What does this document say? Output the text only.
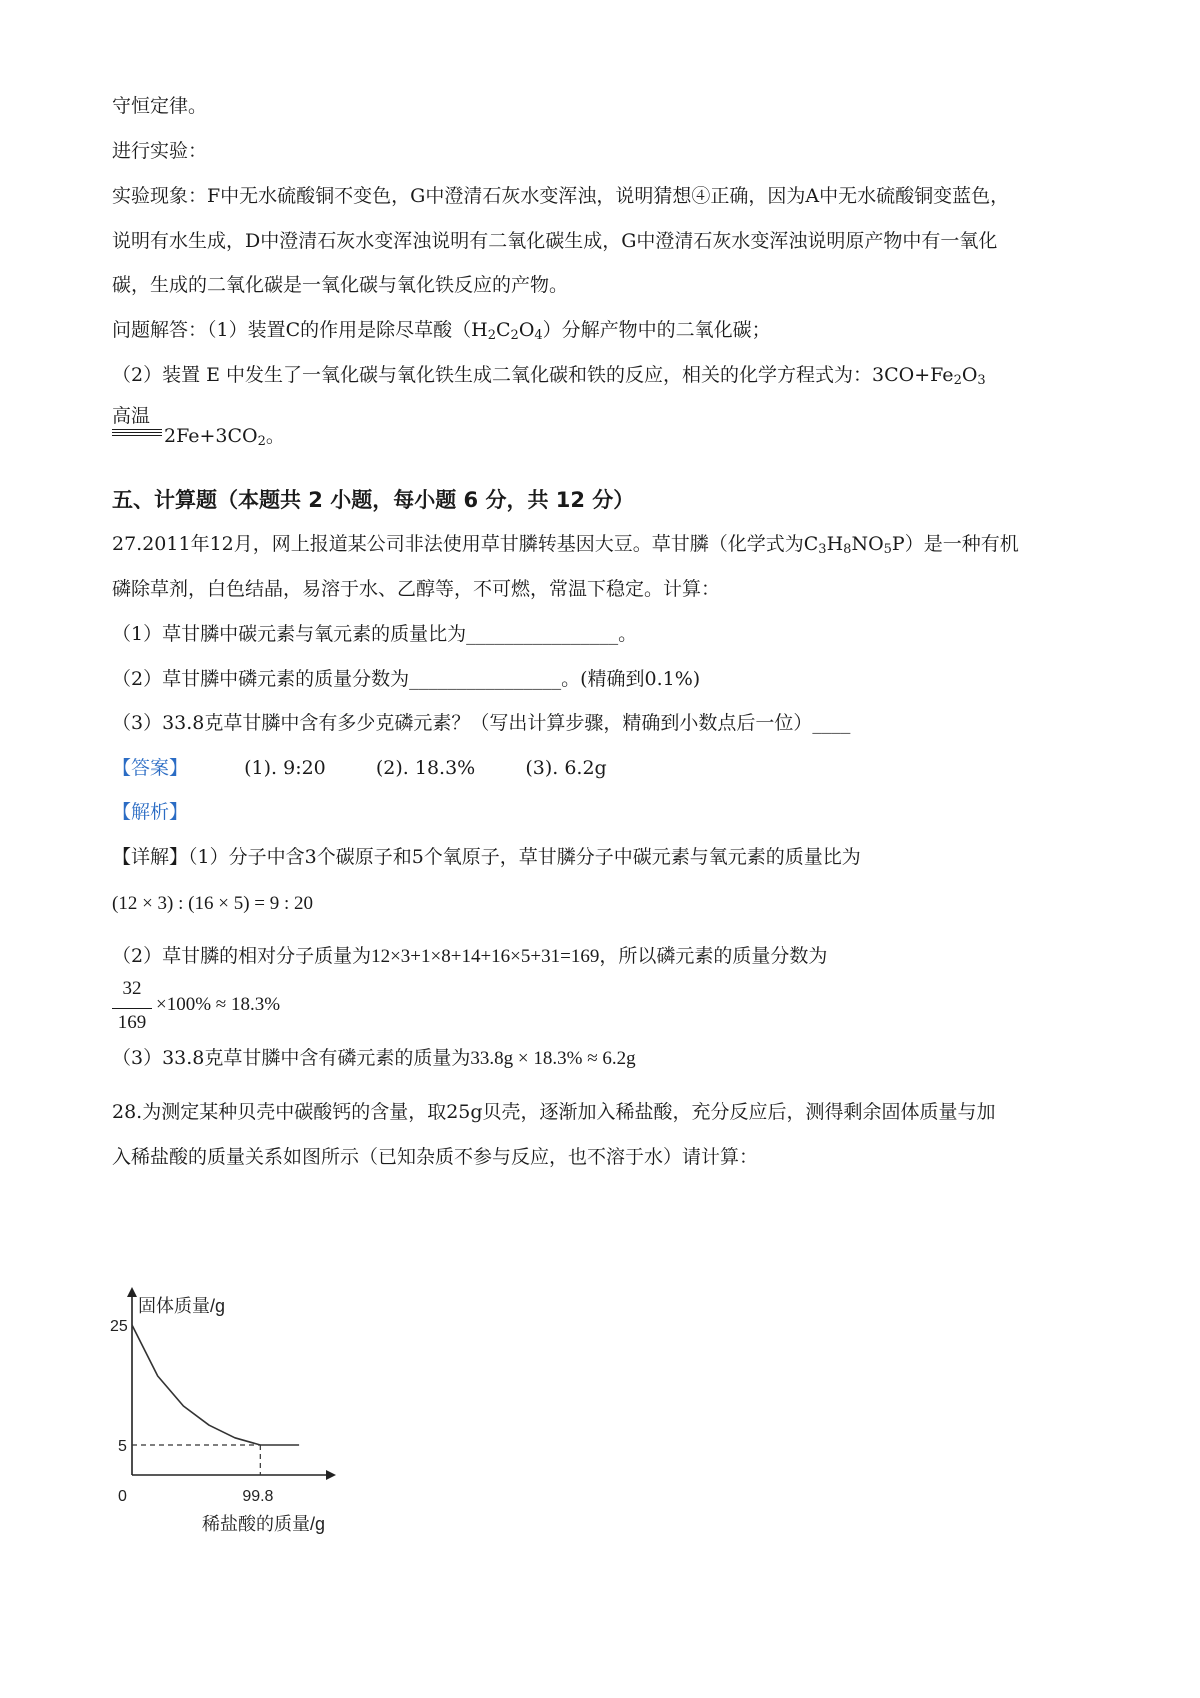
守恒定律。
进行实验：
实验现象：F中无水硫酸铜不变色，G中澄清石灰水变浑浊，说明猜想④正确，因为A中无水硫酸铜变蓝色，
说明有水生成，D中澄清石灰水变浑浊说明有二氧化碳生成，G中澄清石灰水变浑浊说明原产物中有一氧化
碳，生成的二氧化碳是一氧化碳与氧化铁反应的产物。
问题解答：（1）装置C的作用是除尽草酸$(H_2C_2O_4)$分解产物中的二氧化碳；
（2）装置 E 中发生了一氧化碳与氧化铁生成二氧化碳和铁的反应，相关的化学方程式为：$3CO+Fe_2O_3$
高温
$2Fe+3CO_2$。
五、计算题（本题共 2 小题，每小题 6 分，共 12 分）
27.2011年12月，网上报道某公司非法使用草甘膦转基因大豆。草甘膦（化学式为$C_3H_8NO_5P$）是一种有机
磷除草剂，白色结晶，易溶于水、乙醇等，不可燃，常温下稳定。计算：
（1）草甘膦中碳元素与氧元素的质量比为________________。
（2）草甘膦中磷元素的质量分数为________________。(精确到0.1%)
（3）33.8克草甘膦中含有多少克磷元素？（写出计算步骤，精确到小数点后一位）____
【答案】	(1). 9:20	(2). 18.3%	(3). 6.2g
【解析】
【详解】（1）分子中含3个碳原子和5个氧原子，草甘膦分子中碳元素与氧元素的质量比为
(12 × 3) : (16 × 5) = 9 : 20
（2）草甘膦的相对分子质量为12×3+1×8+14+16×5+31=169，所以磷元素的质量分数为
32
169
×100% ≈ 18.3%
（3）33.8克草甘膦中含有磷元素的质量为33.8g × 18.3% ≈ 6.2g
28.为测定某种贝壳中碳酸钙的含量，取25g贝壳，逐渐加入稀盐酸，充分反应后，测得剩余固体质量与加
入稀盐酸的质量关系如图所示（已知杂质不参与反应，也不溶于水）请计算：
固体质量/g
稀盐酸的质量/g
0
25
5
99.8
